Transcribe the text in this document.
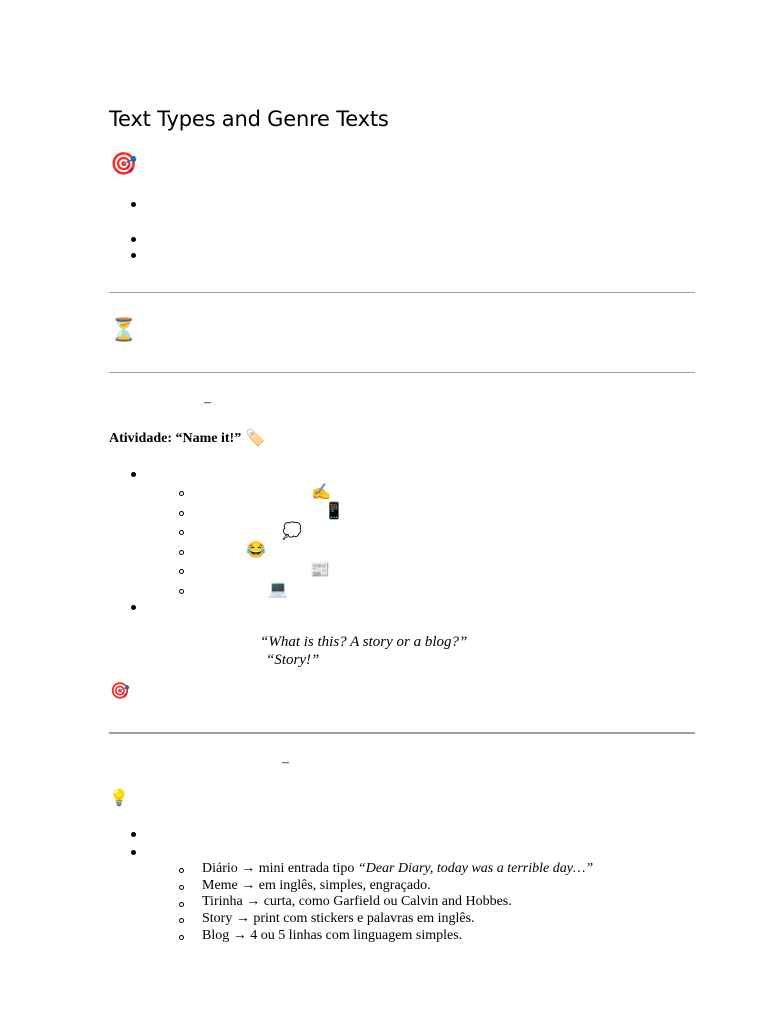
Text Types and Genre Texts
🎯
⏳
–
Atividade: “Name it!” 🏷️
✍️
📱
💭
😂
📰
💻
“What is this? A story or a blog?”
“Story!”
🎯
–
💡
Diário → mini entrada tipo “Dear Diary, today was a terrible day…”
Meme → em inglês, simples, engraçado.
Tirinha → curta, como Garfield ou Calvin and Hobbes.
Story → print com stickers e palavras em inglês.
Blog → 4 ou 5 linhas com linguagem simples.
